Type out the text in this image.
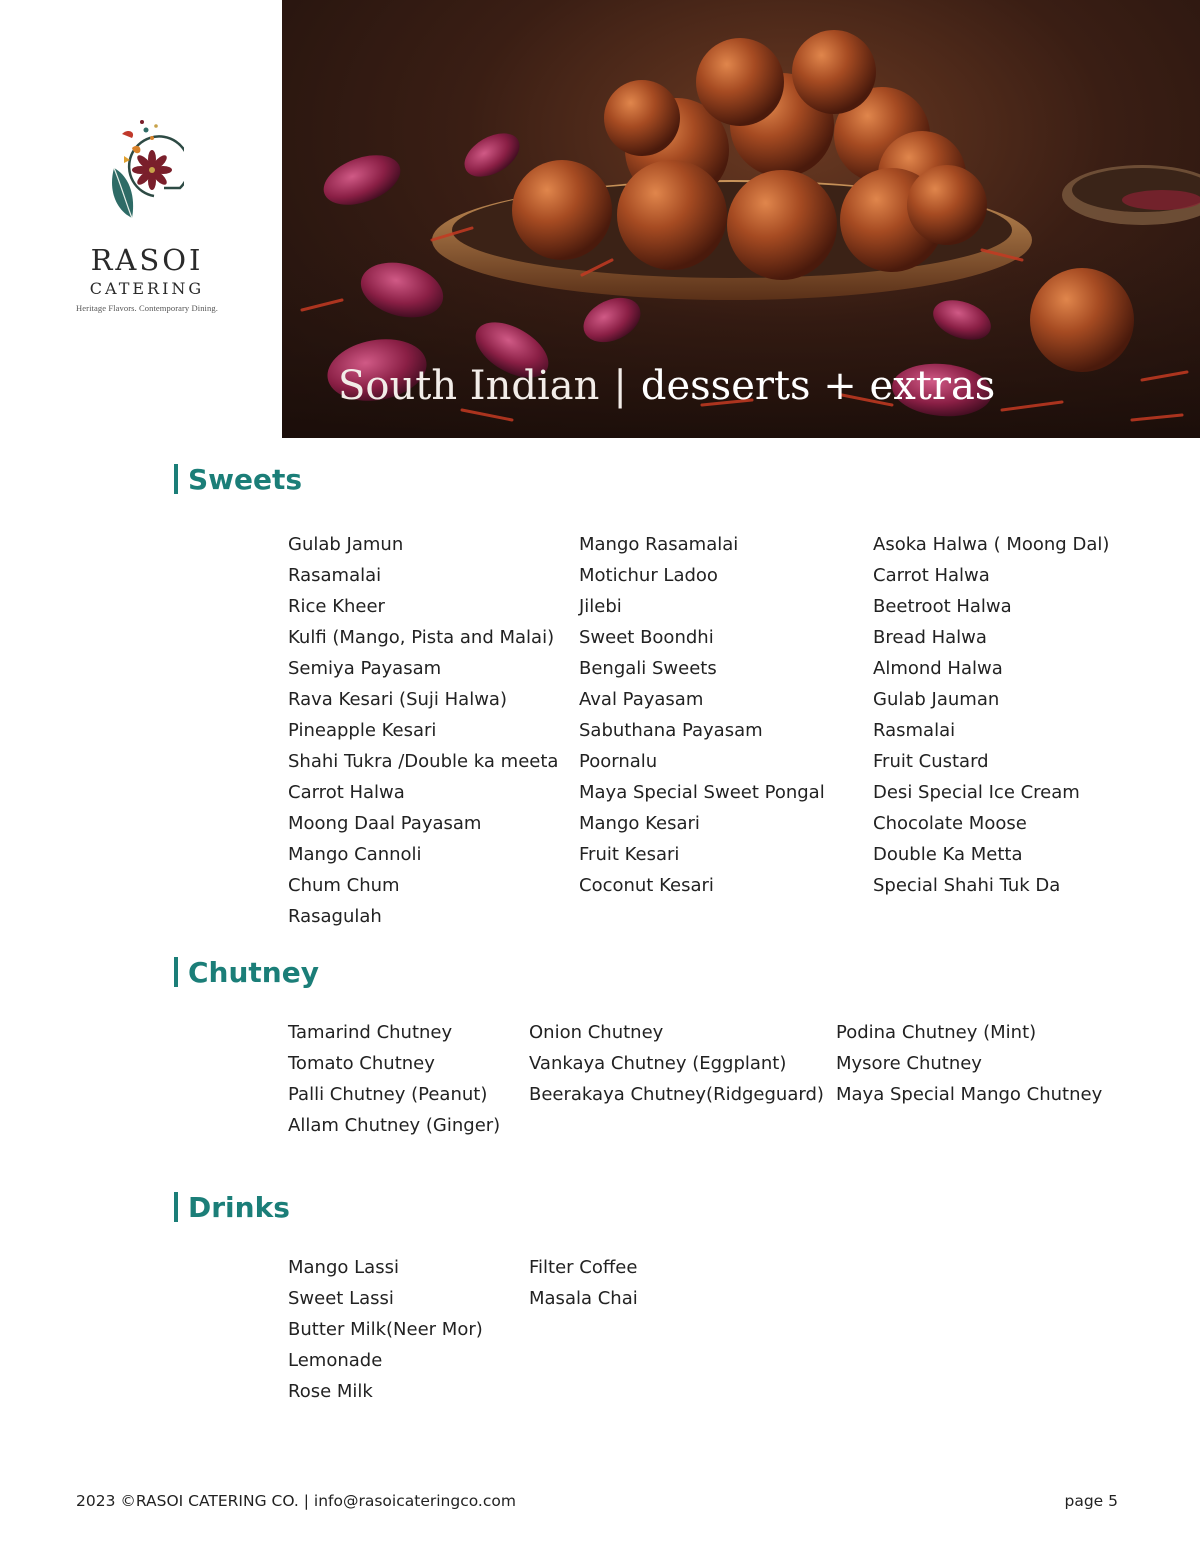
RASOI
CATERING
Heritage Flavors. Contemporary Dining.
South Indian | desserts + extras
Sweets
Gulab Jamun
Rasamalai
Rice Kheer
Kulfi (Mango, Pista and Malai)
Semiya Payasam
Rava Kesari (Suji Halwa)
Pineapple Kesari
Shahi Tukra /Double ka meeta
Carrot Halwa
Moong Daal Payasam
Mango Cannoli
Chum Chum
Rasagulah
Mango Rasamalai
Motichur Ladoo
Jilebi
Sweet Boondhi
Bengali Sweets
Aval Payasam
Sabuthana Payasam
Poornalu
Maya Special Sweet Pongal
Mango Kesari
Fruit Kesari
Coconut Kesari
Asoka Halwa ( Moong Dal)
Carrot Halwa
Beetroot Halwa
Bread Halwa
Almond Halwa
Gulab Jauman
Rasmalai
Fruit Custard
Desi Special Ice Cream
Chocolate Moose
Double Ka Metta
Special Shahi Tuk Da
Chutney
Tamarind Chutney
Tomato Chutney
Palli Chutney (Peanut)
Allam Chutney (Ginger)
Onion Chutney
Vankaya Chutney (Eggplant)
Beerakaya Chutney(Ridgeguard)
Podina Chutney (Mint)
Mysore Chutney
Maya Special Mango Chutney
Drinks
Mango Lassi
Sweet Lassi
Butter Milk(Neer Mor)
Lemonade
Rose Milk
Filter Coffee
Masala Chai
2023 ©RASOI CATERING CO. | info@rasoicateringco.com	page 5
